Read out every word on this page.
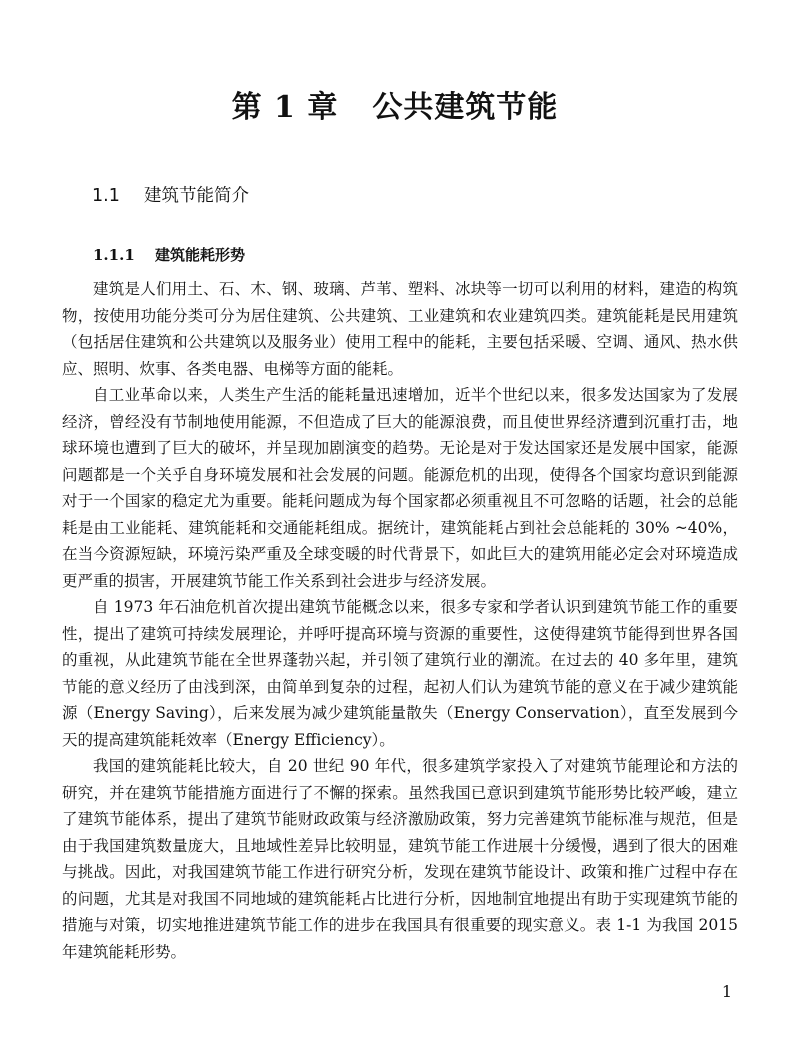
第 1 章 公共建筑节能
1.1 建筑节能简介
1.1.1 建筑能耗形势

建筑是人们用土、石、木、钢、玻璃、芦苇、塑料、冰块等一切可以利用的材料，建造的构筑物，按使用功能分类可分为居住建筑、公共建筑、工业建筑和农业建筑四类。建筑能耗是民用建筑（包括居住建筑和公共建筑以及服务业）使用工程中的能耗，主要包括采暖、空调、通风、热水供应、照明、炊事、各类电器、电梯等方面的能耗。

自工业革命以来，人类生产生活的能耗量迅速增加，近半个世纪以来，很多发达国家为了发展经济，曾经没有节制地使用能源，不但造成了巨大的能源浪费，而且使世界经济遭到沉重打击，地球环境也遭到了巨大的破坏，并呈现加剧演变的趋势。无论是对于发达国家还是发展中国家，能源问题都是一个关乎自身环境发展和社会发展的问题。能源危机的出现，使得各个国家均意识到能源对于一个国家的稳定尤为重要。能耗问题成为每个国家都必须重视且不可忽略的话题，社会的总能耗是由工业能耗、建筑能耗和交通能耗组成。据统计，建筑能耗占到社会总能耗的 30% ~40%，在当今资源短缺，环境污染严重及全球变暖的时代背景下，如此巨大的建筑用能必定会对环境造成更严重的损害，开展建筑节能工作关系到社会进步与经济发展。

自 1973 年石油危机首次提出建筑节能概念以来，很多专家和学者认识到建筑节能工作的重要性，提出了建筑可持续发展理论，并呼吁提高环境与资源的重要性，这使得建筑节能得到世界各国的重视，从此建筑节能在全世界蓬勃兴起，并引领了建筑行业的潮流。在过去的 40 多年里，建筑节能的意义经历了由浅到深，由简单到复杂的过程，起初人们认为建筑节能的意义在于减少建筑能源（Energy Saving），后来发展为减少建筑能量散失（Energy Conservation），直至发展到今天的提高建筑能耗效率（Energy Efficiency）。

我国的建筑能耗比较大，自 20 世纪 90 年代，很多建筑学家投入了对建筑节能理论和方法的研究，并在建筑节能措施方面进行了不懈的探索。虽然我国已意识到建筑节能形势比较严峻，建立了建筑节能体系，提出了建筑节能财政政策与经济激励政策，努力完善建筑节能标准与规范，但是由于我国建筑数量庞大，且地域性差异比较明显，建筑节能工作进展十分缓慢，遇到了很大的困难与挑战。因此，对我国建筑节能工作进行研究分析，发现在建筑节能设计、政策和推广过程中存在的问题，尤其是对我国不同地域的建筑能耗占比进行分析，因地制宜地提出有助于实现建筑节能的措施与对策，切实地推进建筑节能工作的进步在我国具有很重要的现实意义。表 1-1 为我国 2015 年建筑能耗形势。

1
